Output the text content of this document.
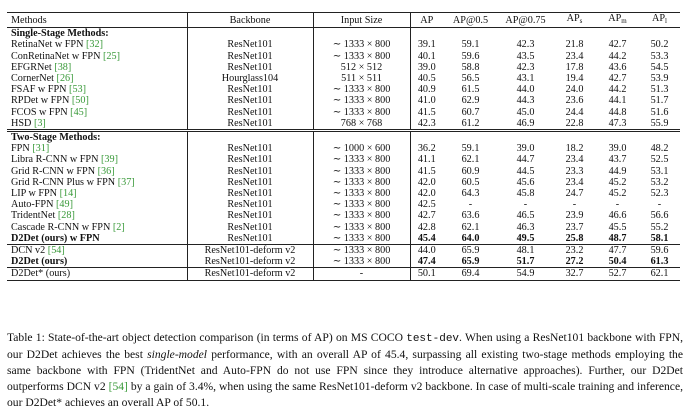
Methods	Backbone	Input Size	AP	AP@0.5	AP@0.75	$AP_s$	$AP_m$	$AP_l$
Single-Stage Methods:								
RetinaNet w FPN [32]	ResNet101	∼ 1333 × 800	39.1	59.1	42.3	21.8	42.7	50.2
ConRetinaNet w FPN [25]	ResNet101	∼ 1333 × 800	40.1	59.6	43.5	23.4	44.2	53.3
EFGRNet [38]	ResNet101	512 × 512	39.0	58.8	42.3	17.8	43.6	54.5
CornerNet [26]	Hourglass104	511 × 511	40.5	56.5	43.1	19.4	42.7	53.9
FSAF w FPN [53]	ResNet101	∼ 1333 × 800	40.9	61.5	44.0	24.0	44.2	51.3
RPDet w FPN [50]	ResNet101	∼ 1333 × 800	41.0	62.9	44.3	23.6	44.1	51.7
FCOS w FPN [45]	ResNet101	∼ 1333 × 800	41.5	60.7	45.0	24.4	44.8	51.6
HSD [3]	ResNet101	768 × 768	42.3	61.2	46.9	22.8	47.3	55.9
Two-Stage Methods:								
FPN [31]	ResNet101	∼ 1000 × 600	36.2	59.1	39.0	18.2	39.0	48.2
Libra R-CNN w FPN [39]	ResNet101	∼ 1333 × 800	41.1	62.1	44.7	23.4	43.7	52.5
Grid R-CNN w FPN [36]	ResNet101	∼ 1333 × 800	41.5	60.9	44.5	23.3	44.9	53.1
Grid R-CNN Plus w FPN [37]	ResNet101	∼ 1333 × 800	42.0	60.5	45.6	23.4	45.2	53.2
LIP w FPN [14]	ResNet101	∼ 1333 × 800	42.0	64.3	45.8	24.7	45.2	52.3
Auto-FPN [49]	ResNet101	∼ 1333 × 800	42.5	-	-	-	-	-
TridentNet [28]	ResNet101	∼ 1333 × 800	42.7	63.6	46.5	23.9	46.6	56.6
Cascade R-CNN w FPN [2]	ResNet101	∼ 1333 × 800	42.8	62.1	46.3	23.7	45.5	55.2
D2Det (ours) w FPN	ResNet101	∼ 1333 × 800	45.4	64.0	49.5	25.8	48.7	58.1
DCN v2 [54]	ResNet101-deform v2	∼ 1333 × 800	44.0	65.9	48.1	23.2	47.7	59.6
D2Det (ours)	ResNet101-deform v2	∼ 1333 × 800	47.4	65.9	51.7	27.2	50.4	61.3
D2Det* (ours)	ResNet101-deform v2	-	50.1	69.4	54.9	32.7	52.7	62.1
Table 1: State-of-the-art object detection comparison (in terms of AP) on MS COCO test-dev. When using a ResNet101 backbone with FPN, our D2Det achieves the best single-model performance, with an overall AP of 45.4, surpassing all existing two-stage methods employing the same backbone with FPN (TridentNet and Auto-FPN do not use FPN since they introduce alternative approaches). Further, our D2Det outperforms DCN v2 [54] by a gain of 3.4%, when using the same ResNet101-deform v2 backbone. In case of multi-scale training and inference, our D2Det* achieves an overall AP of 50.1.
